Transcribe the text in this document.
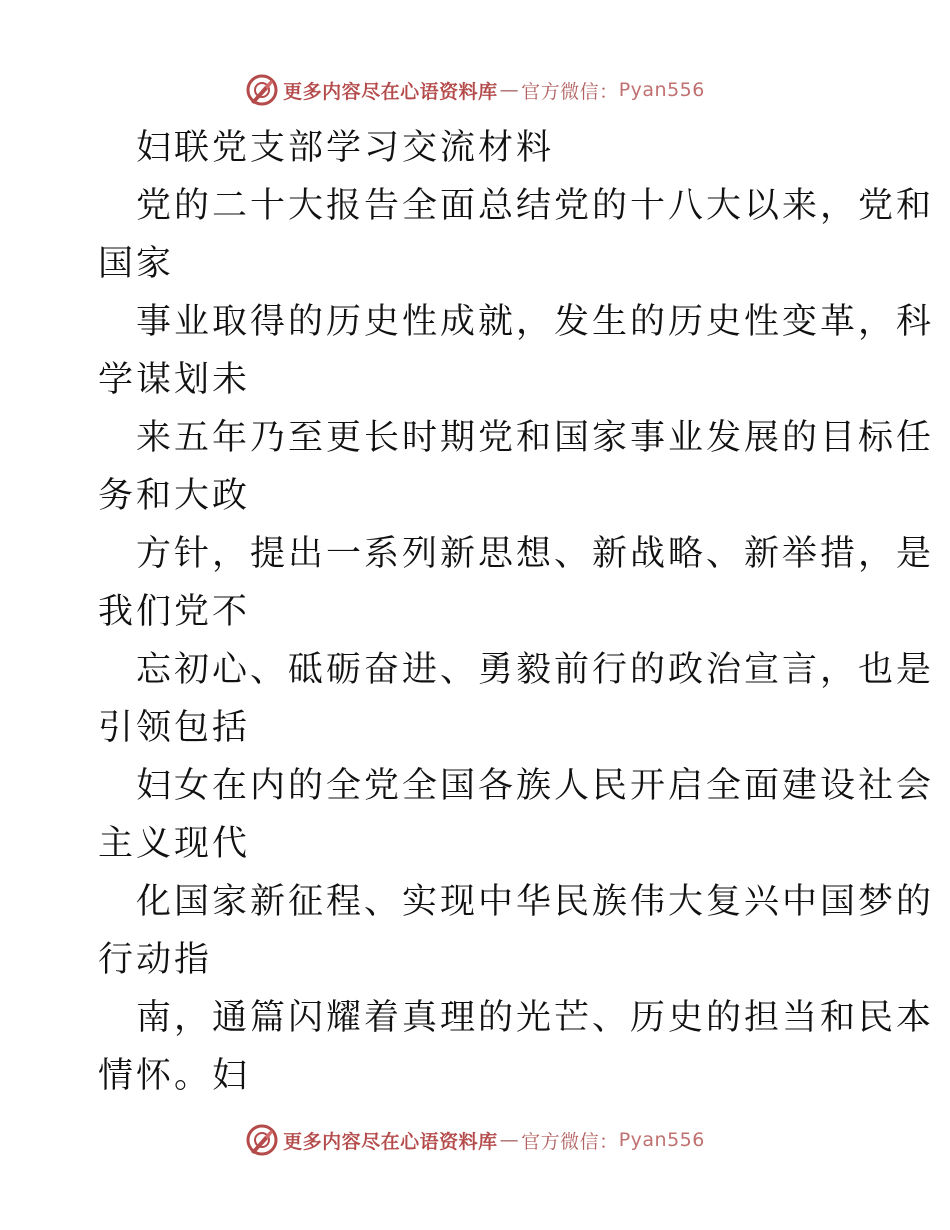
更多内容尽在心语资料库 — 官方微信： Pyan556
妇联党支部学习交流材料
党的二十大报告全面总结党的十八大以来，党和
国家
事业取得的历史性成就，发生的历史性变革，科
学谋划未
来五年乃至更长时期党和国家事业发展的目标任
务和大政
方针，提出一系列新思想、新战略、新举措，是
我们党不
忘初心、砥砺奋进、勇毅前行的政治宣言，也是
引领包括
妇女在内的全党全国各族人民开启全面建设社会
主义现代
化国家新征程、实现中华民族伟大复兴中国梦的
行动指
南，通篇闪耀着真理的光芒、历史的担当和民本
情怀。妇
更多内容尽在心语资料库 — 官方微信： Pyan556
